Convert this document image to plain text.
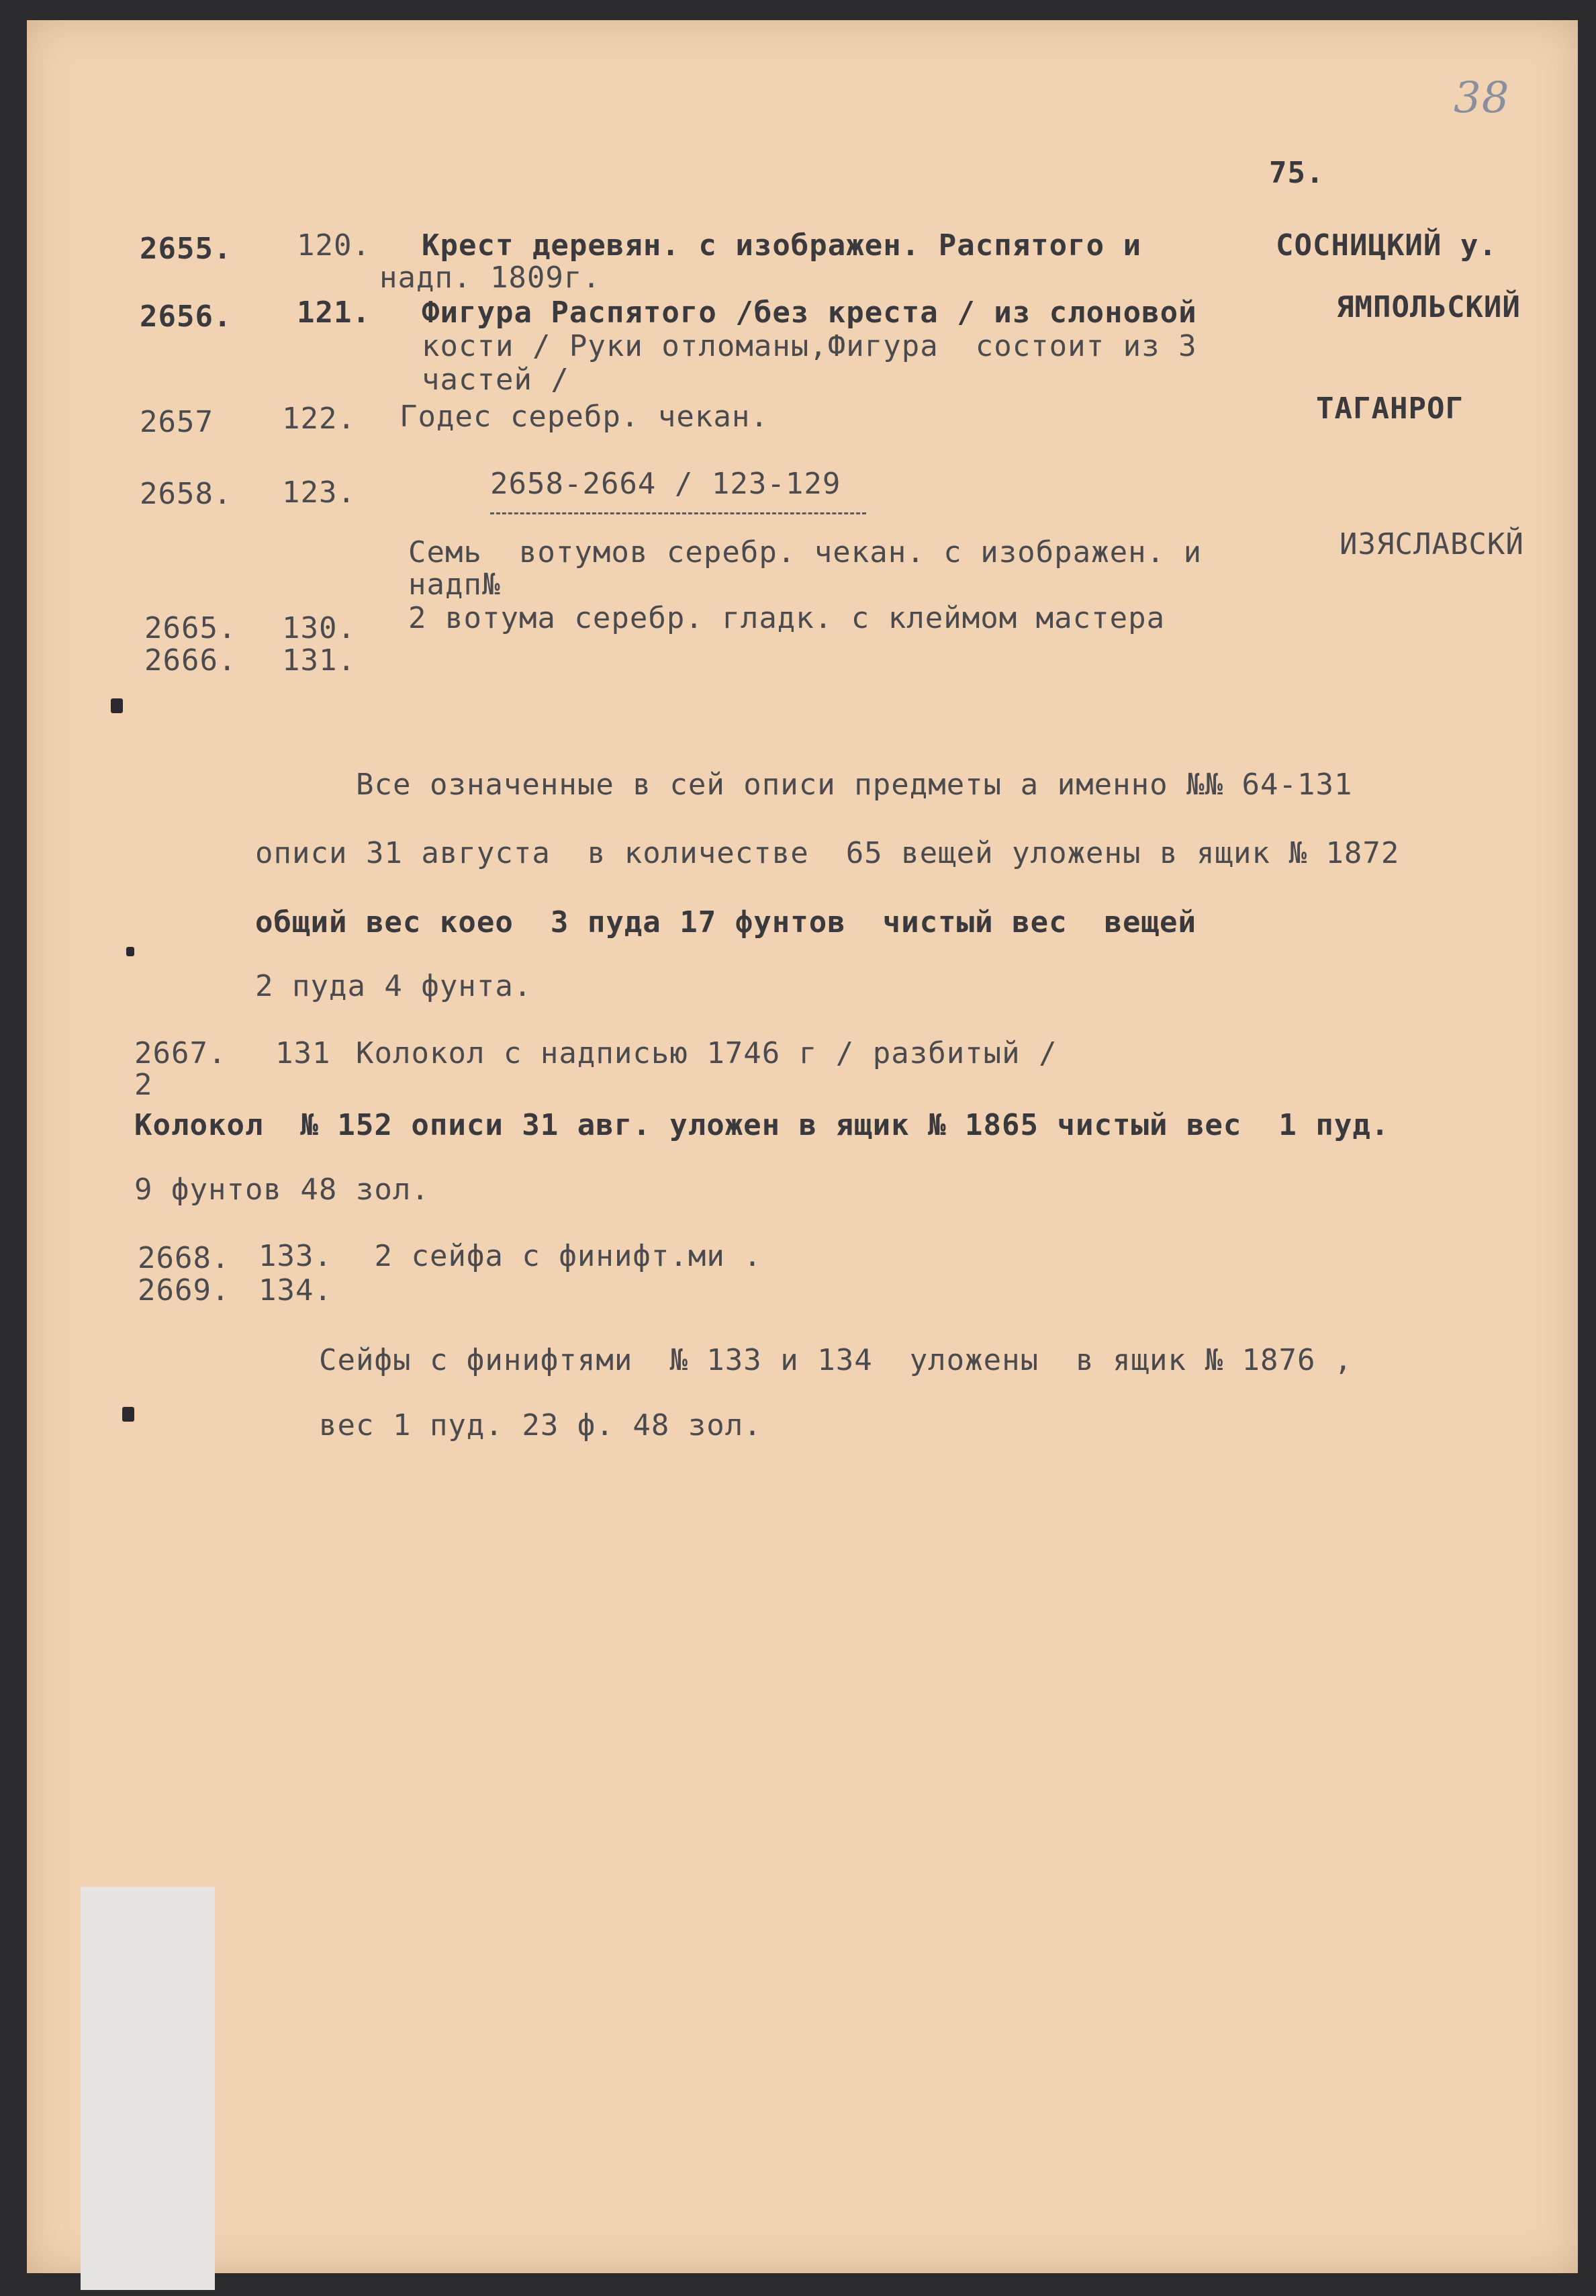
38
75.
2655. 120. Крест деревян. с изображен. Распятого и
надп. 1809г.
СОСНИЦКИЙ у.
2656. 121. Фигура Распятого /без креста / из слоновой
кости / Руки отломаны,Фигура  состоит из 3
частей /
ЯМПОЛЬСКИЙ
2657 122. Годес серебр. чекан.	ТАГАНРОГ
2658. 123.	2658-2664 / 123-129
Семь  вотумов серебр. чекан. с изображен. и
надп№
ИЗЯСЛАВСКЙ
2665. 130. 2 вотума серебр. гладк. с клеймом мастера
2666. 131.
Все означенные в сей описи предметы а именно №№ 64-131
описи 31 августа  в количестве  65 вещей уложены в ящик № 1872
общий вес коео  3 пуда 17 фунтов  чистый вес  вещей
2 пуда 4 фунта.
2667. 131 Колокол с надписью 1746 г / разбитый /
2
Колокол  № 152 описи 31 авг. уложен в ящик № 1865 чистый вес  1 пуд.
9 фунтов 48 зол.
2668. 133. 2 сейфа с финифт.ми .
2669. 134.
Сейфы с финифтями  № 133 и 134  уложены  в ящик № 1876 ,
вес 1 пуд. 23 ф. 48 зол.
